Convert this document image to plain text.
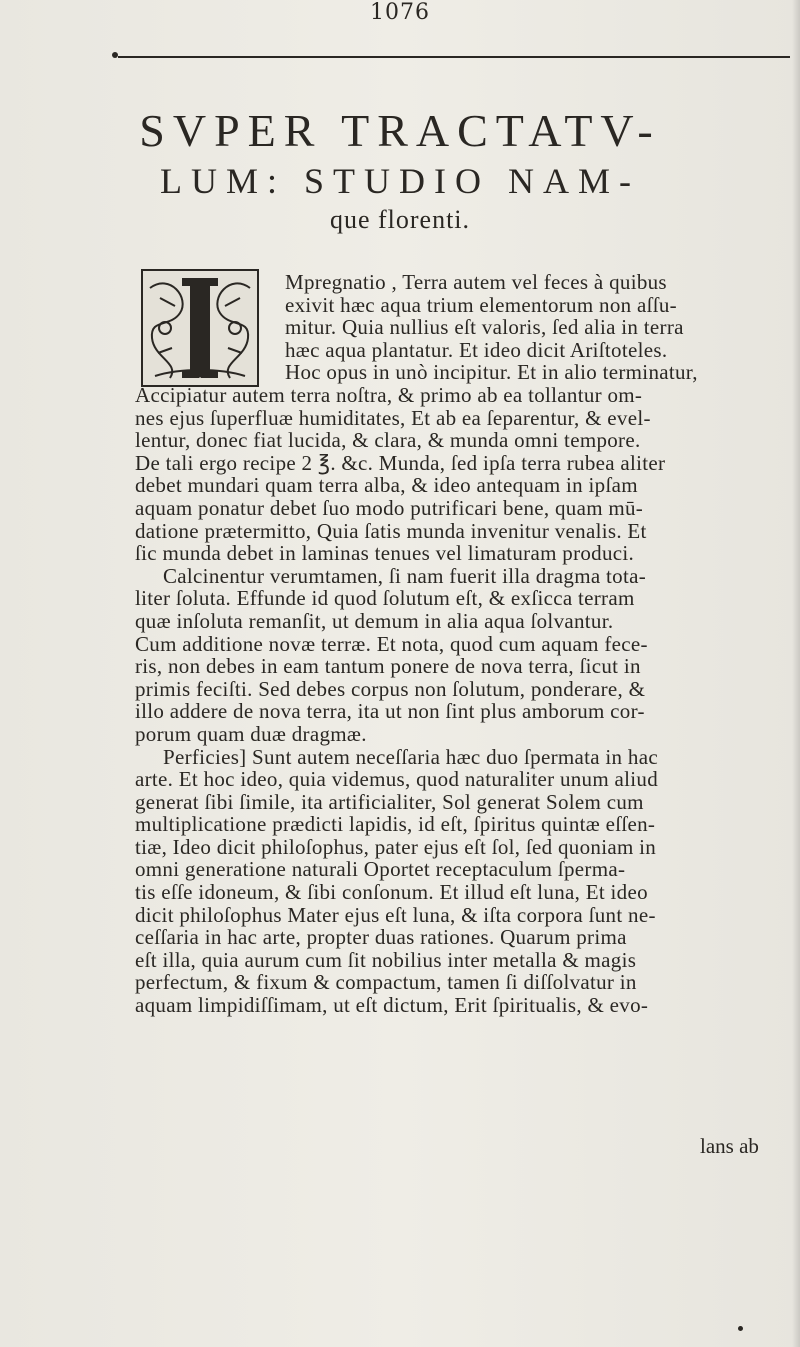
1076
SVPER TRACTATV-
LUM: STUDIO NAM-
que florenti.
I
Mpregnatio , Terra autem vel feces à quibus
exivit hæc aqua trium elementorum non aſſu-
mitur. Quia nullius eſt valoris, ſed alia in terra
hæc aqua plantatur. Et ideo dicit Ariſtoteles.
Hoc opus in unò incipitur. Et in alio terminatur,
Accipiatur autem terra noſtra, & primo ab ea tollantur om-
nes ejus ſuperfluæ humiditates, Et ab ea ſeparentur, & evel-
lentur, donec fiat lucida, & clara, & munda omni tempore.
De tali ergo recipe 2 ℥. &c. Munda, ſed ipſa terra rubea aliter
debet mundari quam terra alba, & ideo antequam in ipſam
aquam ponatur debet ſuo modo putrificari bene, quam mū-
datione prætermitto, Quia ſatis munda invenitur venalis. Et
ſic munda debet in laminas tenues vel limaturam produci.
Calcinentur verumtamen, ſi nam fuerit illa dragma tota-
liter ſoluta. Effunde id quod ſolutum eſt, & exſicca terram
quæ inſoluta remanſit, ut demum in alia aqua ſolvantur.
Cum additione novæ terræ. Et nota, quod cum aquam fece-
ris, non debes in eam tantum ponere de nova terra, ſicut in
primis feciſti. Sed debes corpus non ſolutum, ponderare, &
illo addere de nova terra, ita ut non ſint plus amborum cor-
porum quam duæ dragmæ.
Perficies] Sunt autem neceſſaria hæc duo ſpermata in hac
arte. Et hoc ideo, quia videmus, quod naturaliter unum aliud
generat ſibi ſimile, ita artificialiter, Sol generat Solem cum
multiplicatione prædicti lapidis, id eſt, ſpiritus quintæ eſſen-
tiæ, Ideo dicit philoſophus, pater ejus eſt ſol, ſed quoniam in
omni generatione naturali Oportet receptaculum ſperma-
tis eſſe idoneum, & ſibi conſonum. Et illud eſt luna, Et ideo
dicit philoſophus Mater ejus eſt luna, & iſta corpora ſunt ne-
ceſſaria in hac arte, propter duas rationes. Quarum prima
eſt illa, quia aurum cum ſit nobilius inter metalla & magis
perfectum, & fixum & compactum, tamen ſi diſſolvatur in
aquam limpidiſſimam, ut eſt dictum, Erit ſpiritualis, & evo-
lans ab
